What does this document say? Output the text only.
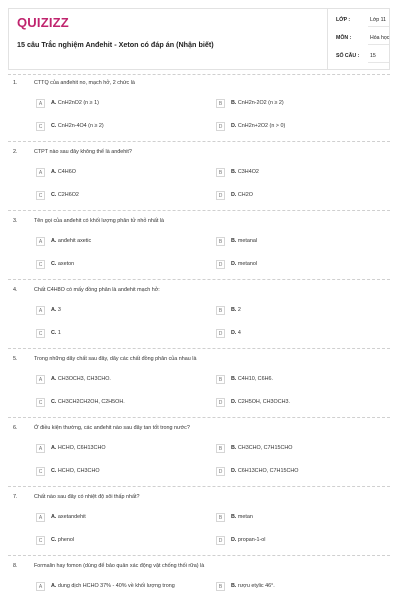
QUIZIZZ
15 câu Trắc nghiệm Anđehit - Xeton có đáp án (Nhận biết)
LỚP :	Lớp 11
MÔN :	Hóa học
SỐ CÂU : 15
1.	CTTQ của anđehit no, mạch hở, 2 chức là
A	A. CnH2nO2 (n ≥ 1)	B	B. CnH2n-2O2 (n ≥ 2)
C	C. CnH2n-4O4 (n ≥ 2)	D	D. CnH2n+2O2 (n > 0)
2.	CTPT nào sau đây không thể là anđehit?
A	A. C4H6O	B	B. C3H4O2
C	C. C2H6O2	D	D. CH2O
3.	Tên gọi của anđehit có khối lượng phân tử nhỏ nhất là
A	A. anđehit axetic	B	B. metanal
C	C. axeton	D	D. metanol
4.	Chất C4H8O có mấy đồng phân là anđehit mạch hở:
A	A. 3	B	B. 2
C	C. 1	D	D. 4
5.	Trong những dãy chất sau đây, dãy các chất đồng phân của nhau là
A	A. CH3OCH3, CH3CHO.	B	B. C4H10, C6H6.
C	C. CH3CH2CH2OH, C2H5OH.	D	D. C2H5OH, CH3OCH3.
6.	Ở điều kiện thường, các anđehit nào sau đây tan tốt trong nước?
A	A. HCHO, C6H13CHO	B	B. CH3CHO, C7H15CHO
C	C. HCHO, CH3CHO	D	D. C6H13CHO, C7H15CHO
7.	Chất nào sau đây có nhiệt độ sôi thấp nhất?
A	A. axetandehit	B	B. metan
C	C. phenol	D	D. propan-1-ol
8.	Formalin hay fomon (dùng để bảo quản xác động vật chống thối rữa) là
A	A. dung dịch HCHO 37% - 40% về khối lượng trong	B	B. rượu etylic 46°.
